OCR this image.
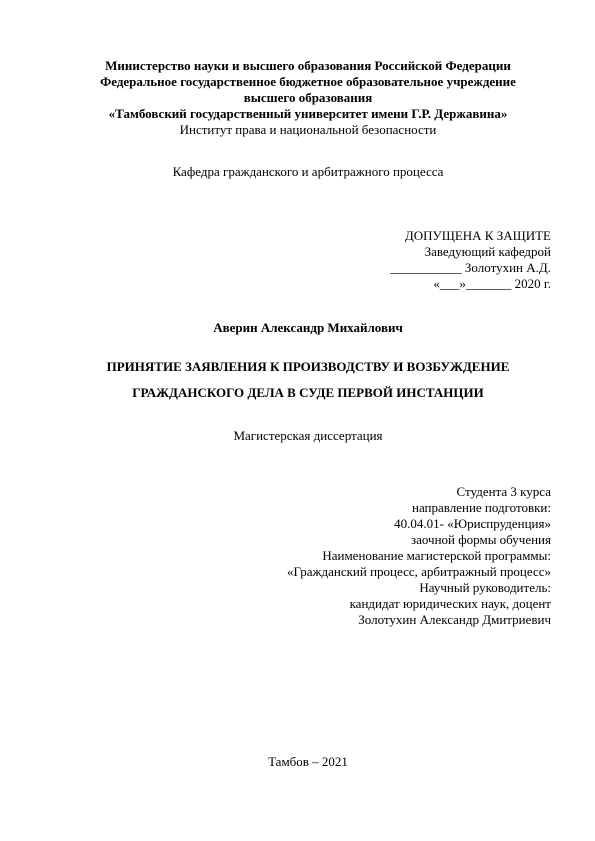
Министерство науки и высшего образования Российской Федерации
Федеральное государственное бюджетное образовательное учреждение
высшего образования
«Тамбовский государственный университет имени Г.Р. Державина»
Институт права и национальной безопасности
Кафедра гражданского и арбитражного процесса
ДОПУЩЕНА К ЗАЩИТЕ
Заведующий кафедрой
___________ Золотухин А.Д.
«___»_______ 2020 г.
Аверин Александр Михайлович
ПРИНЯТИЕ ЗАЯВЛЕНИЯ К ПРОИЗВОДСТВУ И ВОЗБУЖДЕНИЕ
ГРАЖДАНСКОГО ДЕЛА В СУДЕ ПЕРВОЙ ИНСТАНЦИИ
Магистерская диссертация
Студента 3 курса
направление подготовки:
40.04.01- «Юриспруденция»
заочной формы обучения
Наименование магистерской программы:
«Гражданский процесс, арбитражный процесс»
Научный руководитель:
кандидат юридических наук, доцент
Золотухин Александр Дмитриевич
Тамбов – 2021
